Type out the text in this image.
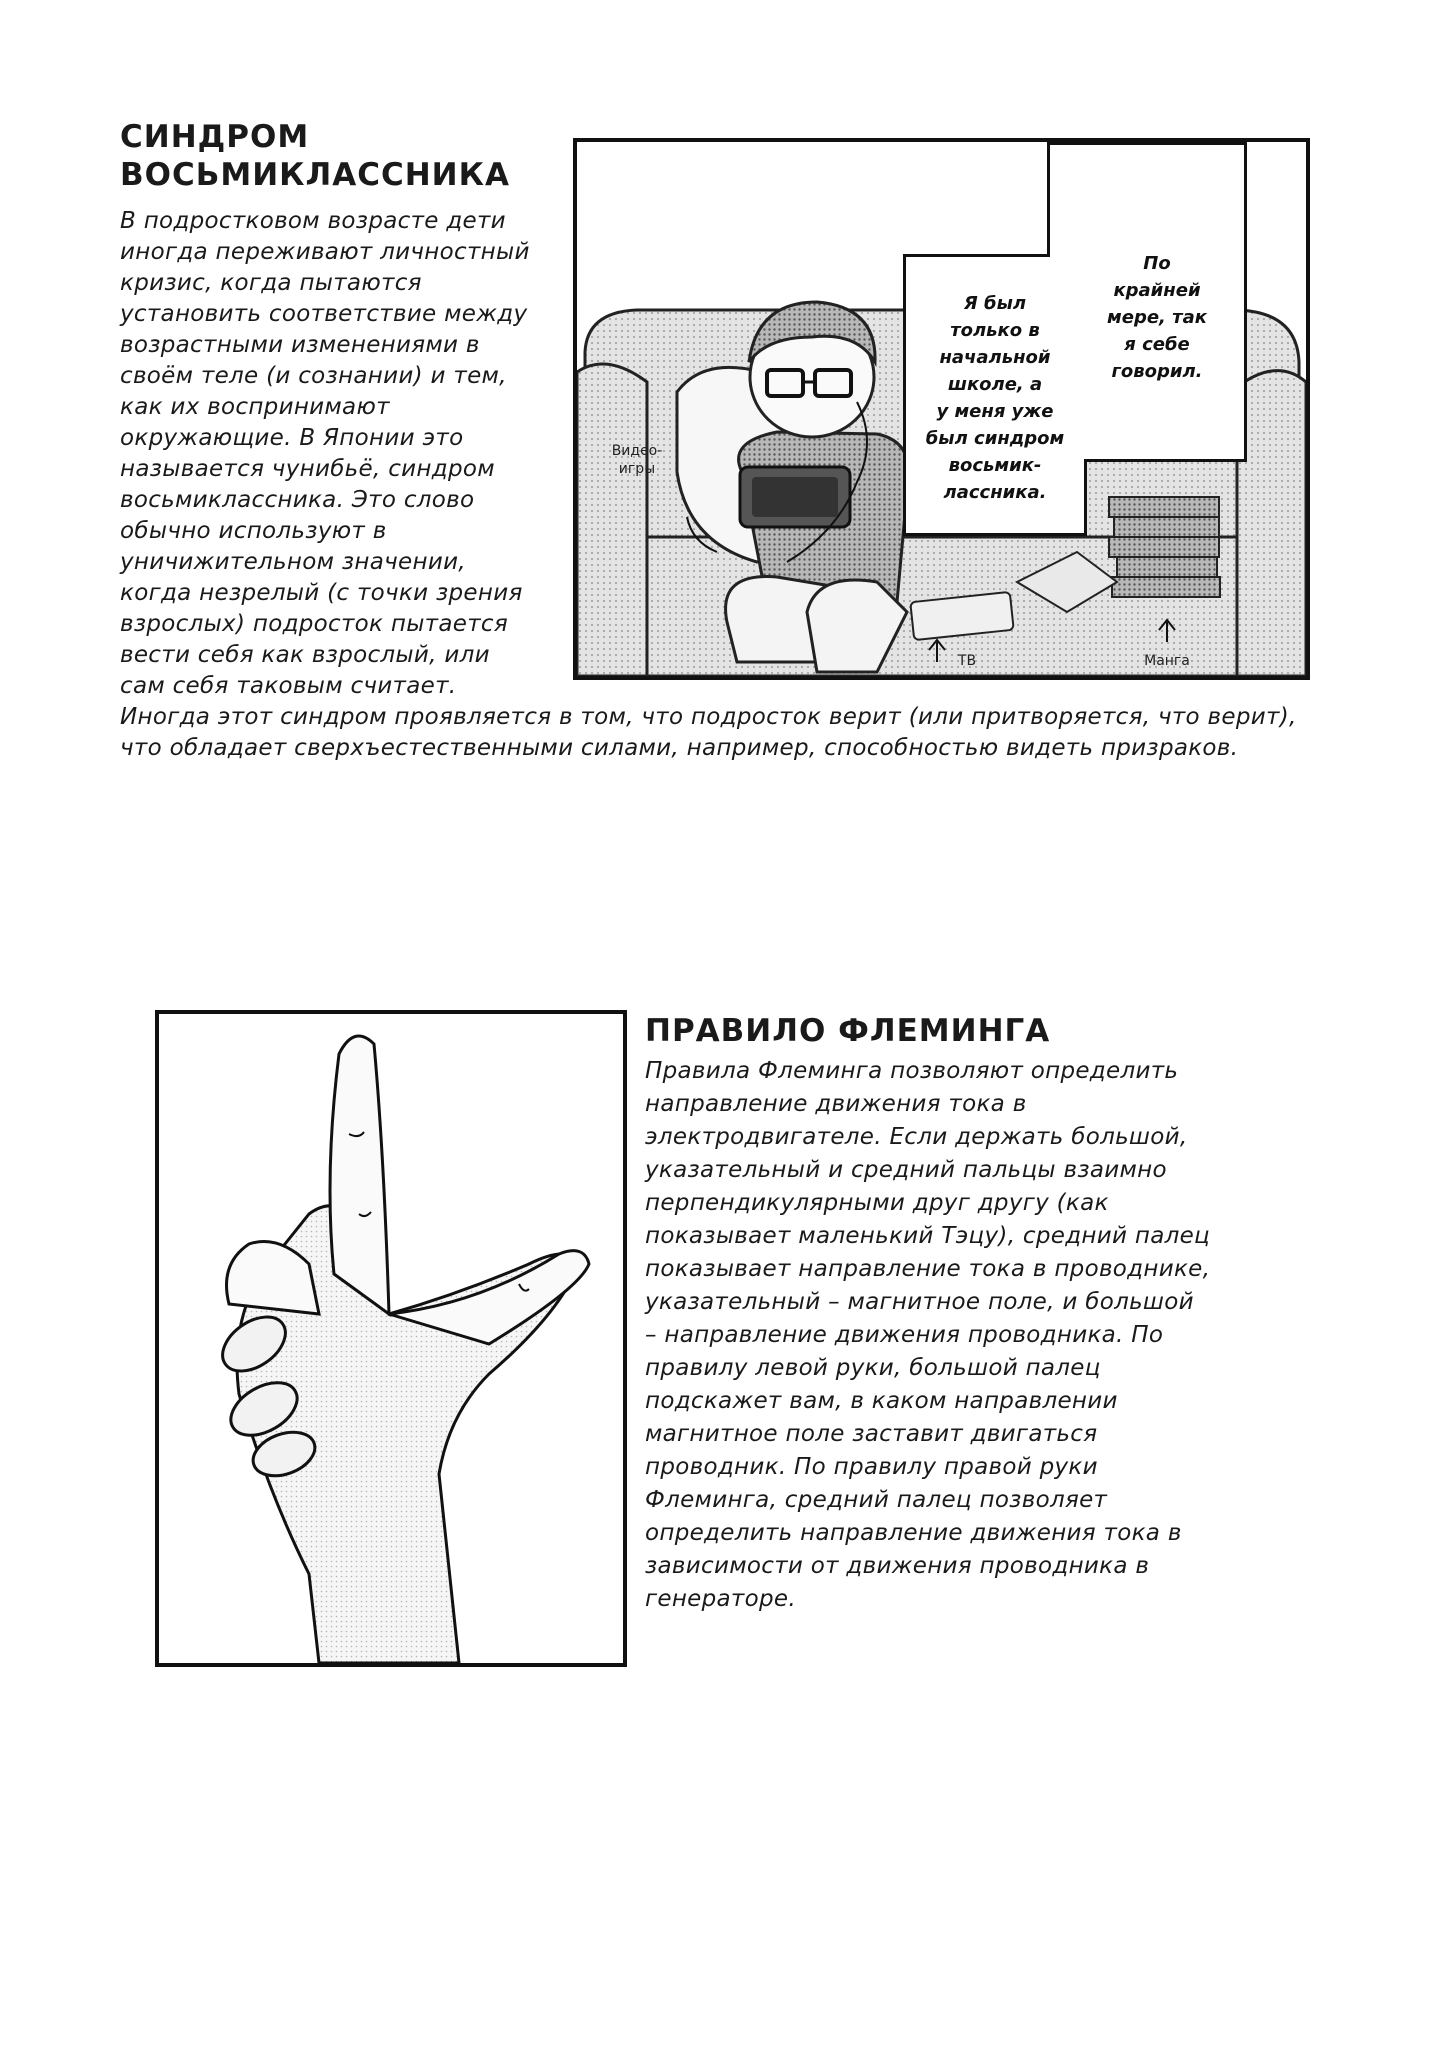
СИНДРОМ
ВОСЬМИКЛАССНИКА
В подростковом возрасте дети
иногда переживают личностный
кризис, когда пытаются
установить соответствие между
возрастными изменениями в
своём теле (и сознании) и тем,
как их воспринимают
окружающие. В Японии это
называется чунибьё, синдром
восьмиклассника. Это слово
обычно используют в
уничижительном значении,
когда незрелый (с точки зрения
взрослых) подросток пытается
вести себя как взрослый, или
сам себя таковым считает.
Иногда этот синдром проявляется в том, что подросток верит (или притворяется, что верит),
что обладает сверхъестественными силами, например, способностью видеть призраков.
Я был
только в
начальной
школе, а
у меня уже
был синдром
восьмик-
лассника.
По
крайней
мере, так
я себе
говорил.
Видео-
игры
ТВ	Манга
ПРАВИЛО ФЛЕМИНГА
Правила Флеминга позволяют определить
направление движения тока в
электродвигателе. Если держать большой,
указательный и средний пальцы взаимно
перпендикулярными друг другу (как
показывает маленький Тэцу), средний палец
показывает направление тока в проводнике,
указательный – магнитное поле, и большой
– направление движения проводника. По
правилу левой руки, большой палец
подскажет вам, в каком направлении
магнитное поле заставит двигаться
проводник. По правилу правой руки
Флеминга, средний палец позволяет
определить направление движения тока в
зависимости от движения проводника в
генераторе.
